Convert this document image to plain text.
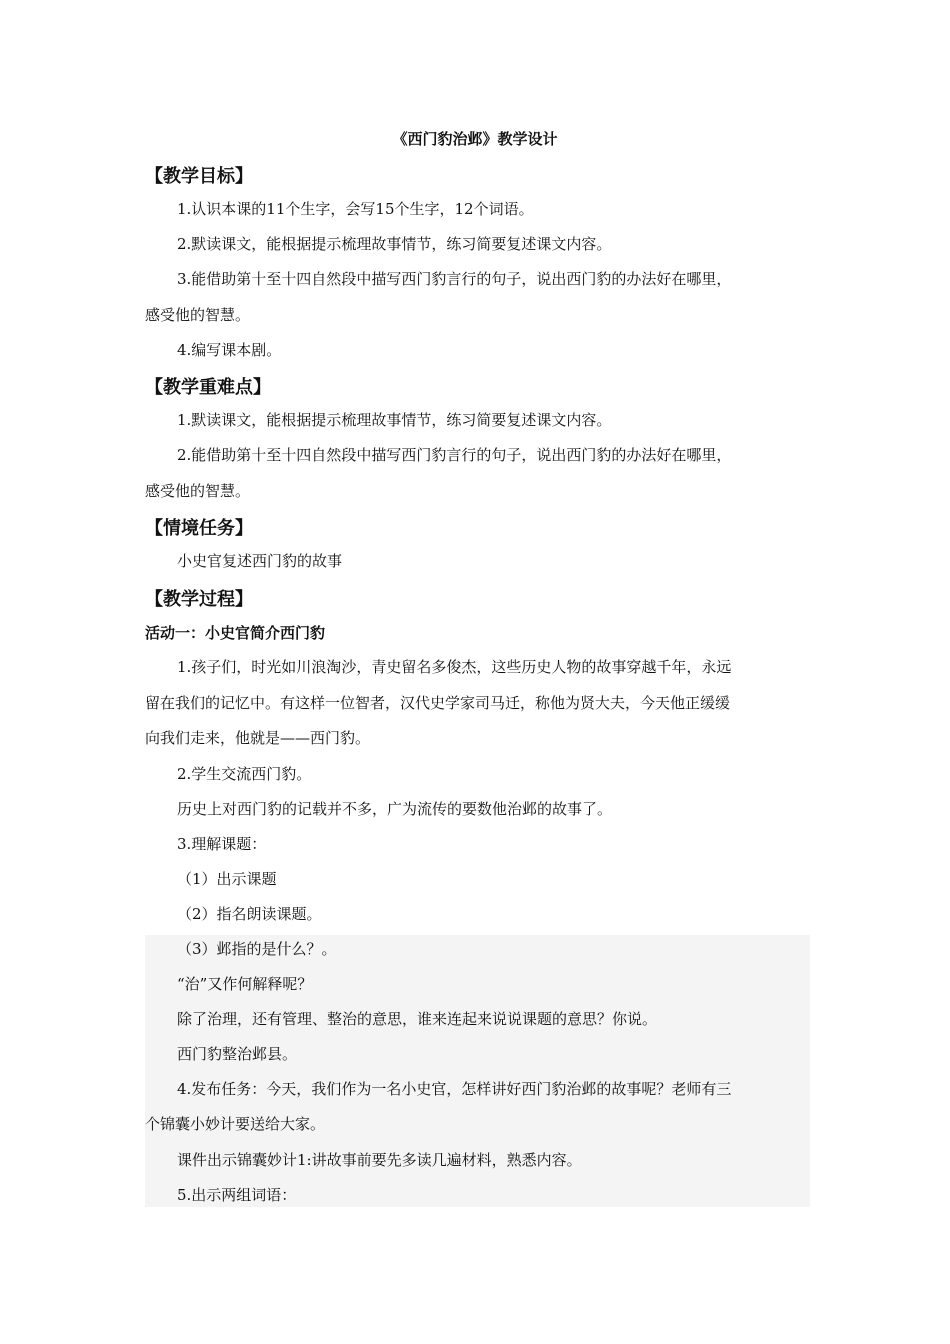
《西门豹治邺》教学设计
【教学目标】
1.认识本课的11个生字，会写15个生字，12个词语。
2.默读课文，能根据提示梳理故事情节，练习简要复述课文内容。
3.能借助第十至十四自然段中描写西门豹言行的句子，说出西门豹的办法好在哪里，
感受他的智慧。
4.编写课本剧。
【教学重难点】
1.默读课文，能根据提示梳理故事情节，练习简要复述课文内容。
2.能借助第十至十四自然段中描写西门豹言行的句子，说出西门豹的办法好在哪里，
感受他的智慧。
【情境任务】
小史官复述西门豹的故事
【教学过程】
活动一：小史官简介西门豹
1.孩子们，时光如川浪淘沙，青史留名多俊杰，这些历史人物的故事穿越千年，永远
留在我们的记忆中。有这样一位智者，汉代史学家司马迁，称他为贤大夫，今天他正缓缓
向我们走来，他就是——西门豹。
2.学生交流西门豹。
历史上对西门豹的记载并不多，广为流传的要数他治邺的故事了。
3.理解课题：
（1）出示课题
（2）指名朗读课题。
（3）邺指的是什么？。
“治”又作何解释呢？
除了治理，还有管理、整治的意思，谁来连起来说说课题的意思？你说。
西门豹整治邺县。
4.发布任务：今天，我们作为一名小史官，怎样讲好西门豹治邺的故事呢？老师有三
个锦囊小妙计要送给大家。
课件出示锦囊妙计1:讲故事前要先多读几遍材料，熟悉内容。
5.出示两组词语：
